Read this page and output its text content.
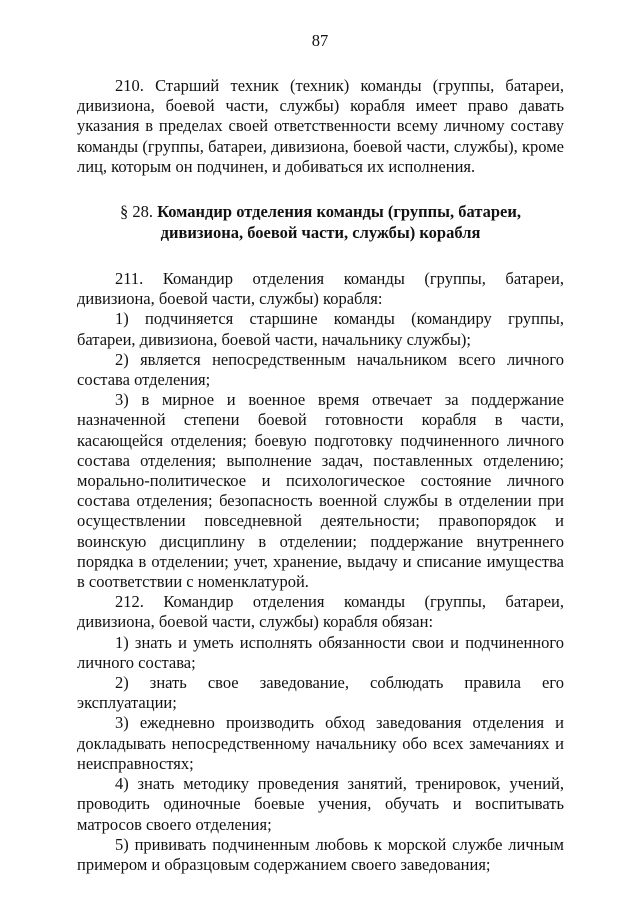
87

210. Старший техник (техник) команды (группы, батареи, дивизиона, боевой части, службы) корабля имеет право давать указания в пределах своей ответственности всему личному составу команды (группы, батареи, дивизиона, боевой части, службы), кроме лиц, которым он подчинен, и добиваться их исполнения.

§ 28. Командир отделения команды (группы, батареи, дивизиона, боевой части, службы) корабля

211. Командир отделения команды (группы, батареи, дивизиона, боевой части, службы) корабля:

1) подчиняется старшине команды (командиру группы, батареи, дивизиона, боевой части, начальнику службы);

2) является непосредственным начальником всего личного состава отделения;

3) в мирное и военное время отвечает за поддержание назначенной степени боевой готовности корабля в части, касающейся отделения; боевую подготовку подчиненного личного состава отделения; выполнение задач, поставленных отделению; морально-политическое и психологическое состояние личного состава отделения; безопасность военной службы в отделении при осуществлении повседневной деятельности; правопорядок и воинскую дисциплину в отделении; поддержание внутреннего порядка в отделении; учет, хранение, выдачу и списание имущества в соответствии с номенклатурой.

212. Командир отделения команды (группы, батареи, дивизиона, боевой части, службы) корабля обязан:

1) знать и уметь исполнять обязанности свои и подчиненного личного состава;

2) знать свое заведование, соблюдать правила его эксплуатации;

3) ежедневно производить обход заведования отделения и докладывать непосредственному начальнику обо всех замечаниях и неисправностях;

4) знать методику проведения занятий, тренировок, учений, проводить одиночные боевые учения, обучать и воспитывать матросов своего отделения;

5) прививать подчиненным любовь к морской службе личным примером и образцовым содержанием своего заведования;
